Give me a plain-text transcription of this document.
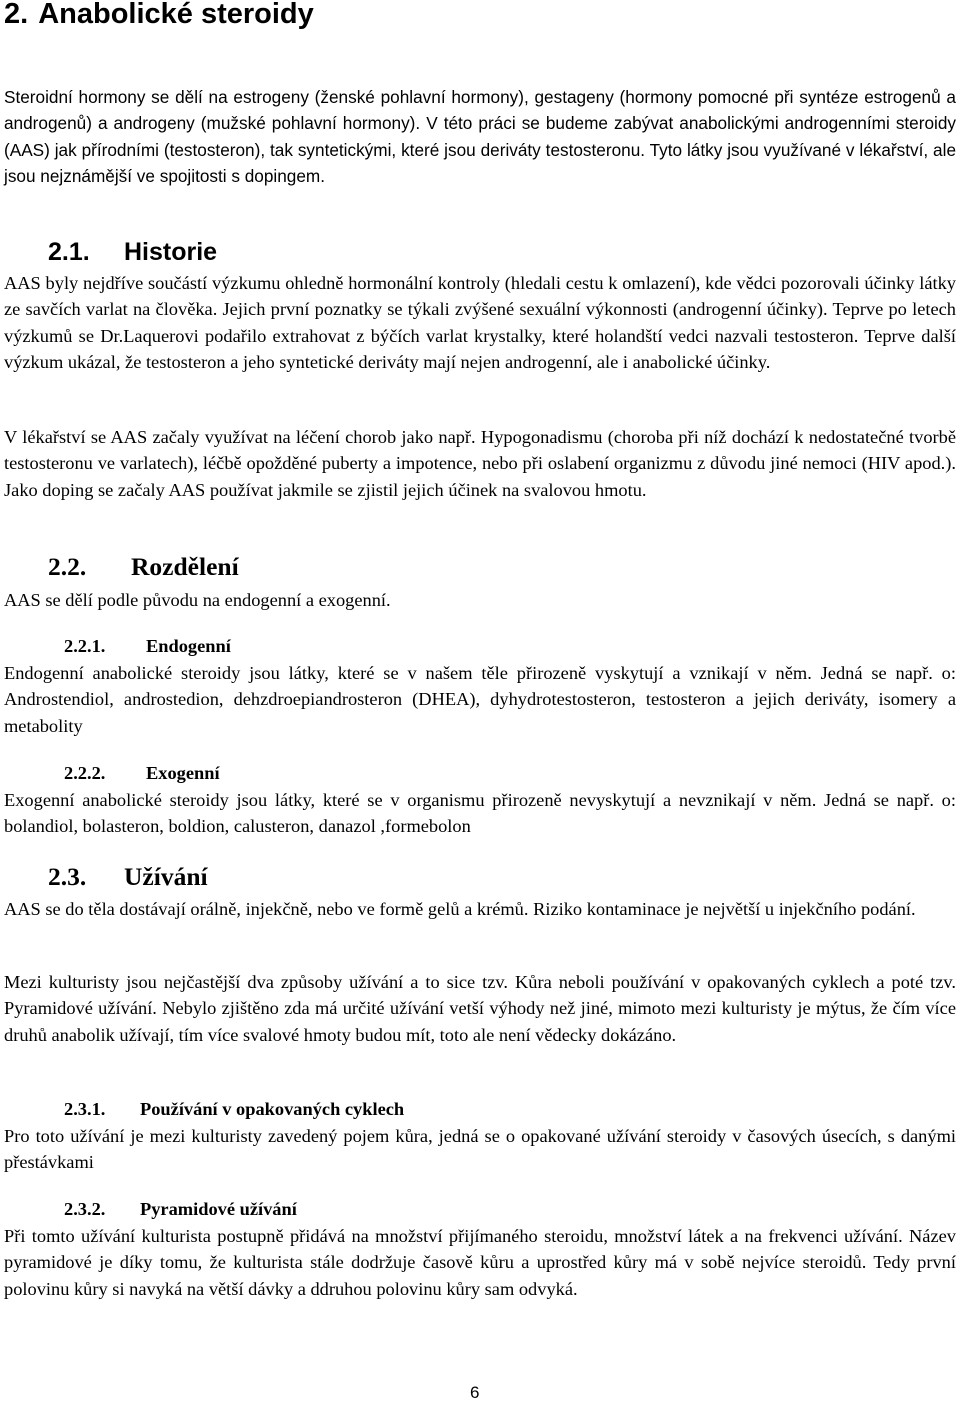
2. Anabolické steroidy

Steroidní hormony se dělí na estrogeny (ženské pohlavní hormony), gestageny (hormony pomocné při syntéze estrogenů a androgenů) a androgeny (mužské pohlavní hormony). V této práci se budeme zabývat anabolickými androgenními steroidy (AAS) jak přírodními (testosteron), tak syntetickými, které jsou deriváty testosteronu. Tyto látky jsou využívané v lékařství, ale jsou nejznámější ve spojitosti s dopingem.

2.1. Historie

AAS byly nejdříve součástí výzkumu ohledně hormonální kontroly (hledali cestu k omlazení), kde vědci pozorovali účinky látky ze savčích varlat na člověka. Jejich první poznatky se týkali zvýšené sexuální výkonnosti (androgenní účinky). Teprve po letech výzkumů se Dr.Laquerovi podařilo extrahovat z býčích varlat krystalky, které holandští vedci nazvali testosteron. Teprve další výzkum ukázal, že testosteron a jeho syntetické deriváty mají nejen androgenní, ale i anabolické účinky.

V lékařství se AAS začaly využívat na léčení chorob jako např. Hypogonadismu (choroba při níž dochází k nedostatečné tvorbě testosteronu ve varlatech), léčbě opožděné puberty a impotence, nebo při oslabení organizmu z důvodu jiné nemoci (HIV apod.). Jako doping se začaly AAS používat jakmile se zjistil jejich účinek na svalovou hmotu.

2.2. Rozdělení

AAS se dělí podle původu na endogenní a exogenní.

2.2.1. Endogenní

Endogenní anabolické steroidy jsou látky, které se v našem těle přirozeně vyskytují a vznikají v něm. Jedná se např. o: Androstendiol, androstedion, dehzdroepiandrosteron (DHEA), dyhydrotestosteron, testosteron a jejich deriváty, isomery a metabolity

2.2.2. Exogenní

Exogenní anabolické steroidy jsou látky, které se v organismu přirozeně nevyskytují a nevznikají v něm. Jedná se např. o: bolandiol, bolasteron, boldion, calusteron, danazol ,formebolon

2.3. Užívání

AAS se do těla dostávají orálně, injekčně, nebo ve formě gelů a krémů. Riziko kontaminace je největší u injekčního podání.

Mezi kulturisty jsou nejčastější dva způsoby užívání a to sice tzv. Kůra neboli používání v opakovaných cyklech a poté tzv. Pyramidové užívání. Nebylo zjištěno zda má určité užívání vetší výhody než jiné, mimoto mezi kulturisty je mýtus, že čím více druhů anabolik užívají, tím více svalové hmoty budou mít, toto ale není vědecky dokázáno.

2.3.1. Používání v opakovaných cyklech

Pro toto užívání je mezi kulturisty zavedený pojem kůra, jedná se o opakované užívání steroidy v časových úsecích, s danými přestávkami

2.3.2. Pyramidové užívání

Při tomto užívání kulturista postupně přidává na množství přijímaného steroidu, množství látek a na frekvenci užívání. Název pyramidové je díky tomu, že kulturista stále dodržuje časově kůru a uprostřed kůry má v sobě nejvíce steroidů. Tedy první polovinu kůry si navyká na větší dávky a ddruhou polovinu kůry sam odvyká.

6
